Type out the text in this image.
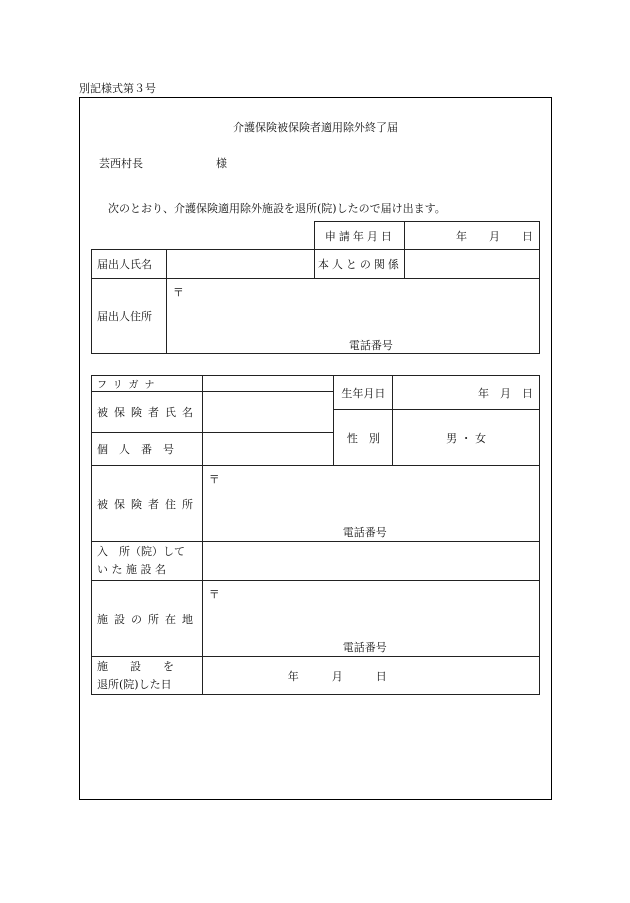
別記様式第３号
介護保険被保険者適用除外終了届
芸西村長	様
次のとおり、介護保険適用除外施設を退所(院)したので届け出ます。
		申請年月日	年　　月　　日
届出人氏名		本人との関係	
届出人住所	〒
電話番号		
フリガナ		生年月日	年　月　日
被保険者氏名			
		性　別	男 ・ 女
個　人　番　号			
被保険者住所	〒
電話番号		

入　所（院）して
い た 施 設 名			

施設の所在地	〒
電話番号		

施　　設　　を
退所(院)した日	年　　　月　　　日		
